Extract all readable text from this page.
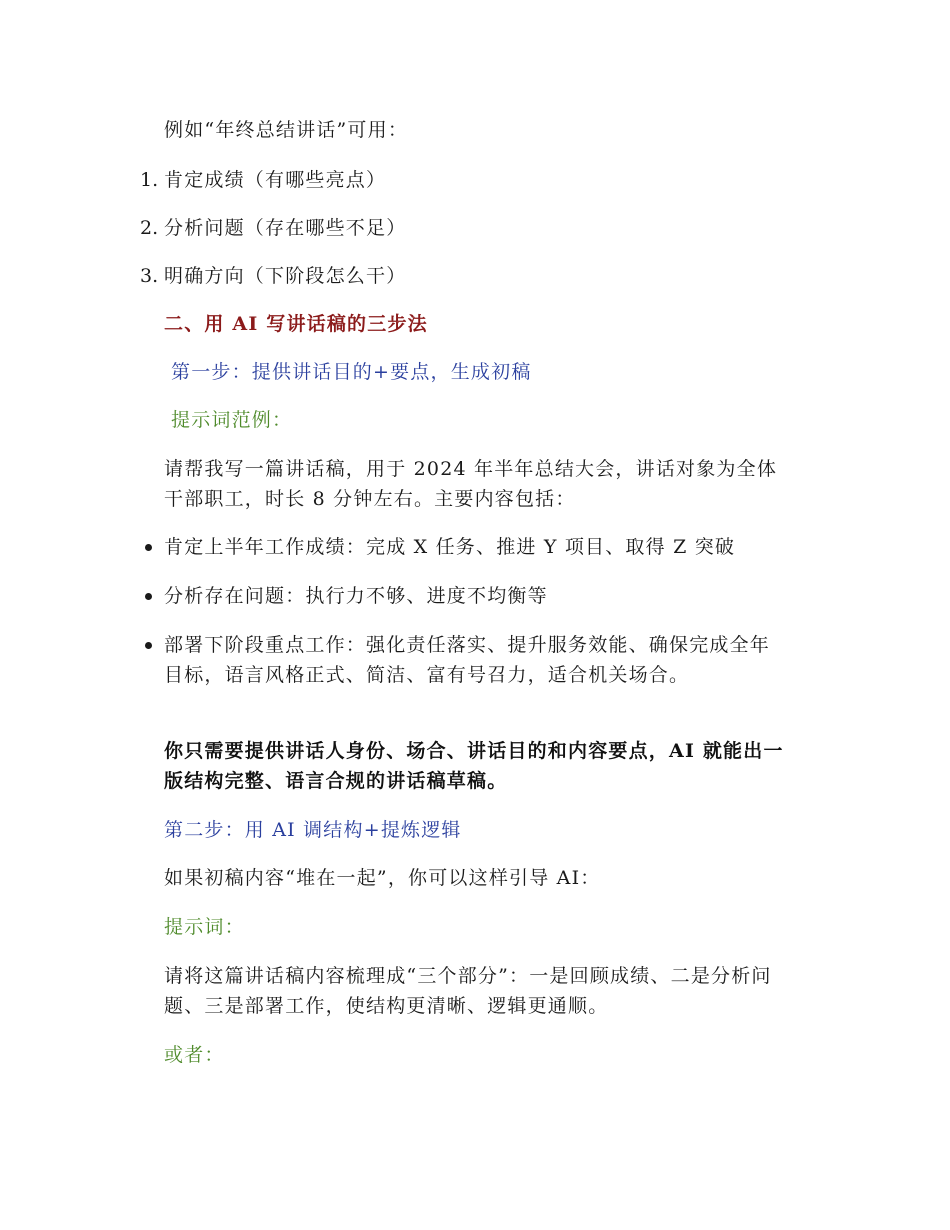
例如“年终总结讲话”可用：
1. 肯定成绩（有哪些亮点）
2. 分析问题（存在哪些不足）
3. 明确方向（下阶段怎么干）
二、用 AI 写讲话稿的三步法
第一步：提供讲话目的+要点，生成初稿
提示词范例：
请帮我写一篇讲话稿，用于 2024 年半年总结大会，讲话对象为全体干部职工，时长 8 分钟左右。主要内容包括：
肯定上半年工作成绩：完成 X 任务、推进 Y 项目、取得 Z 突破
分析存在问题：执行力不够、进度不均衡等
部署下阶段重点工作：强化责任落实、提升服务效能、确保完成全年目标，语言风格正式、简洁、富有号召力，适合机关场合。
你只需要提供讲话人身份、场合、讲话目的和内容要点，AI 就能出一版结构完整、语言合规的讲话稿草稿。
第二步：用 AI 调结构+提炼逻辑
如果初稿内容“堆在一起”，你可以这样引导 AI：
提示词：
请将这篇讲话稿内容梳理成“三个部分”：一是回顾成绩、二是分析问题、三是部署工作，使结构更清晰、逻辑更通顺。
或者：
